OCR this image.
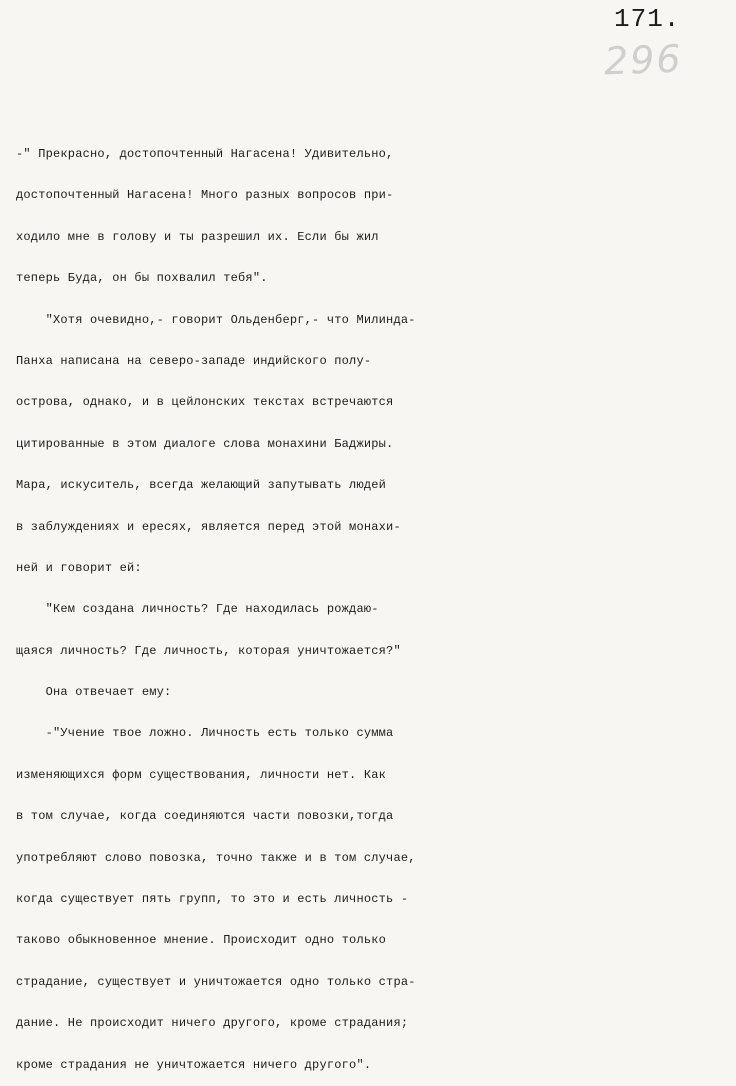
171.
296
-" Прекрасно, достопочтенный Нагасена! Удивительно,
достопочтенный Нагасена! Много разных вопросов при-
ходило мне в голову и ты разрешил их. Если бы жил
теперь Буда, он бы похвалил тебя".
"Хотя очевидно,- говорит Ольденберг,- что Милинда-
Панха написана на северо-западе индийского полу-
острова, однако, и в цейлонских текстах встречаются
цитированные в этом диалоге слова монахини Баджиры.
Мара, искуситель, всегда желающий запутывать людей
в заблуждениях и ересях, является перед этой монахи-
ней и говорит ей:
"Кем создана личность? Где находилась рождаю-
щаяся личность? Где личность, которая уничтожается?"
Она отвечает ему:
-"Учение твое ложно. Личность есть только сумма
изменяющихся форм существования, личности нет. Как
в том случае, когда соединяются части повозки,тогда
употребляют слово повозка, точно также и в том случае,
когда существует пять групп, то это и есть личность -
таково обыкновенное мнение. Происходит одно только
страдание, существует и уничтожается одно только стра-
дание. Не происходит ничего другого, кроме страдания;
кроме страдания не уничтожается ничего другого".
